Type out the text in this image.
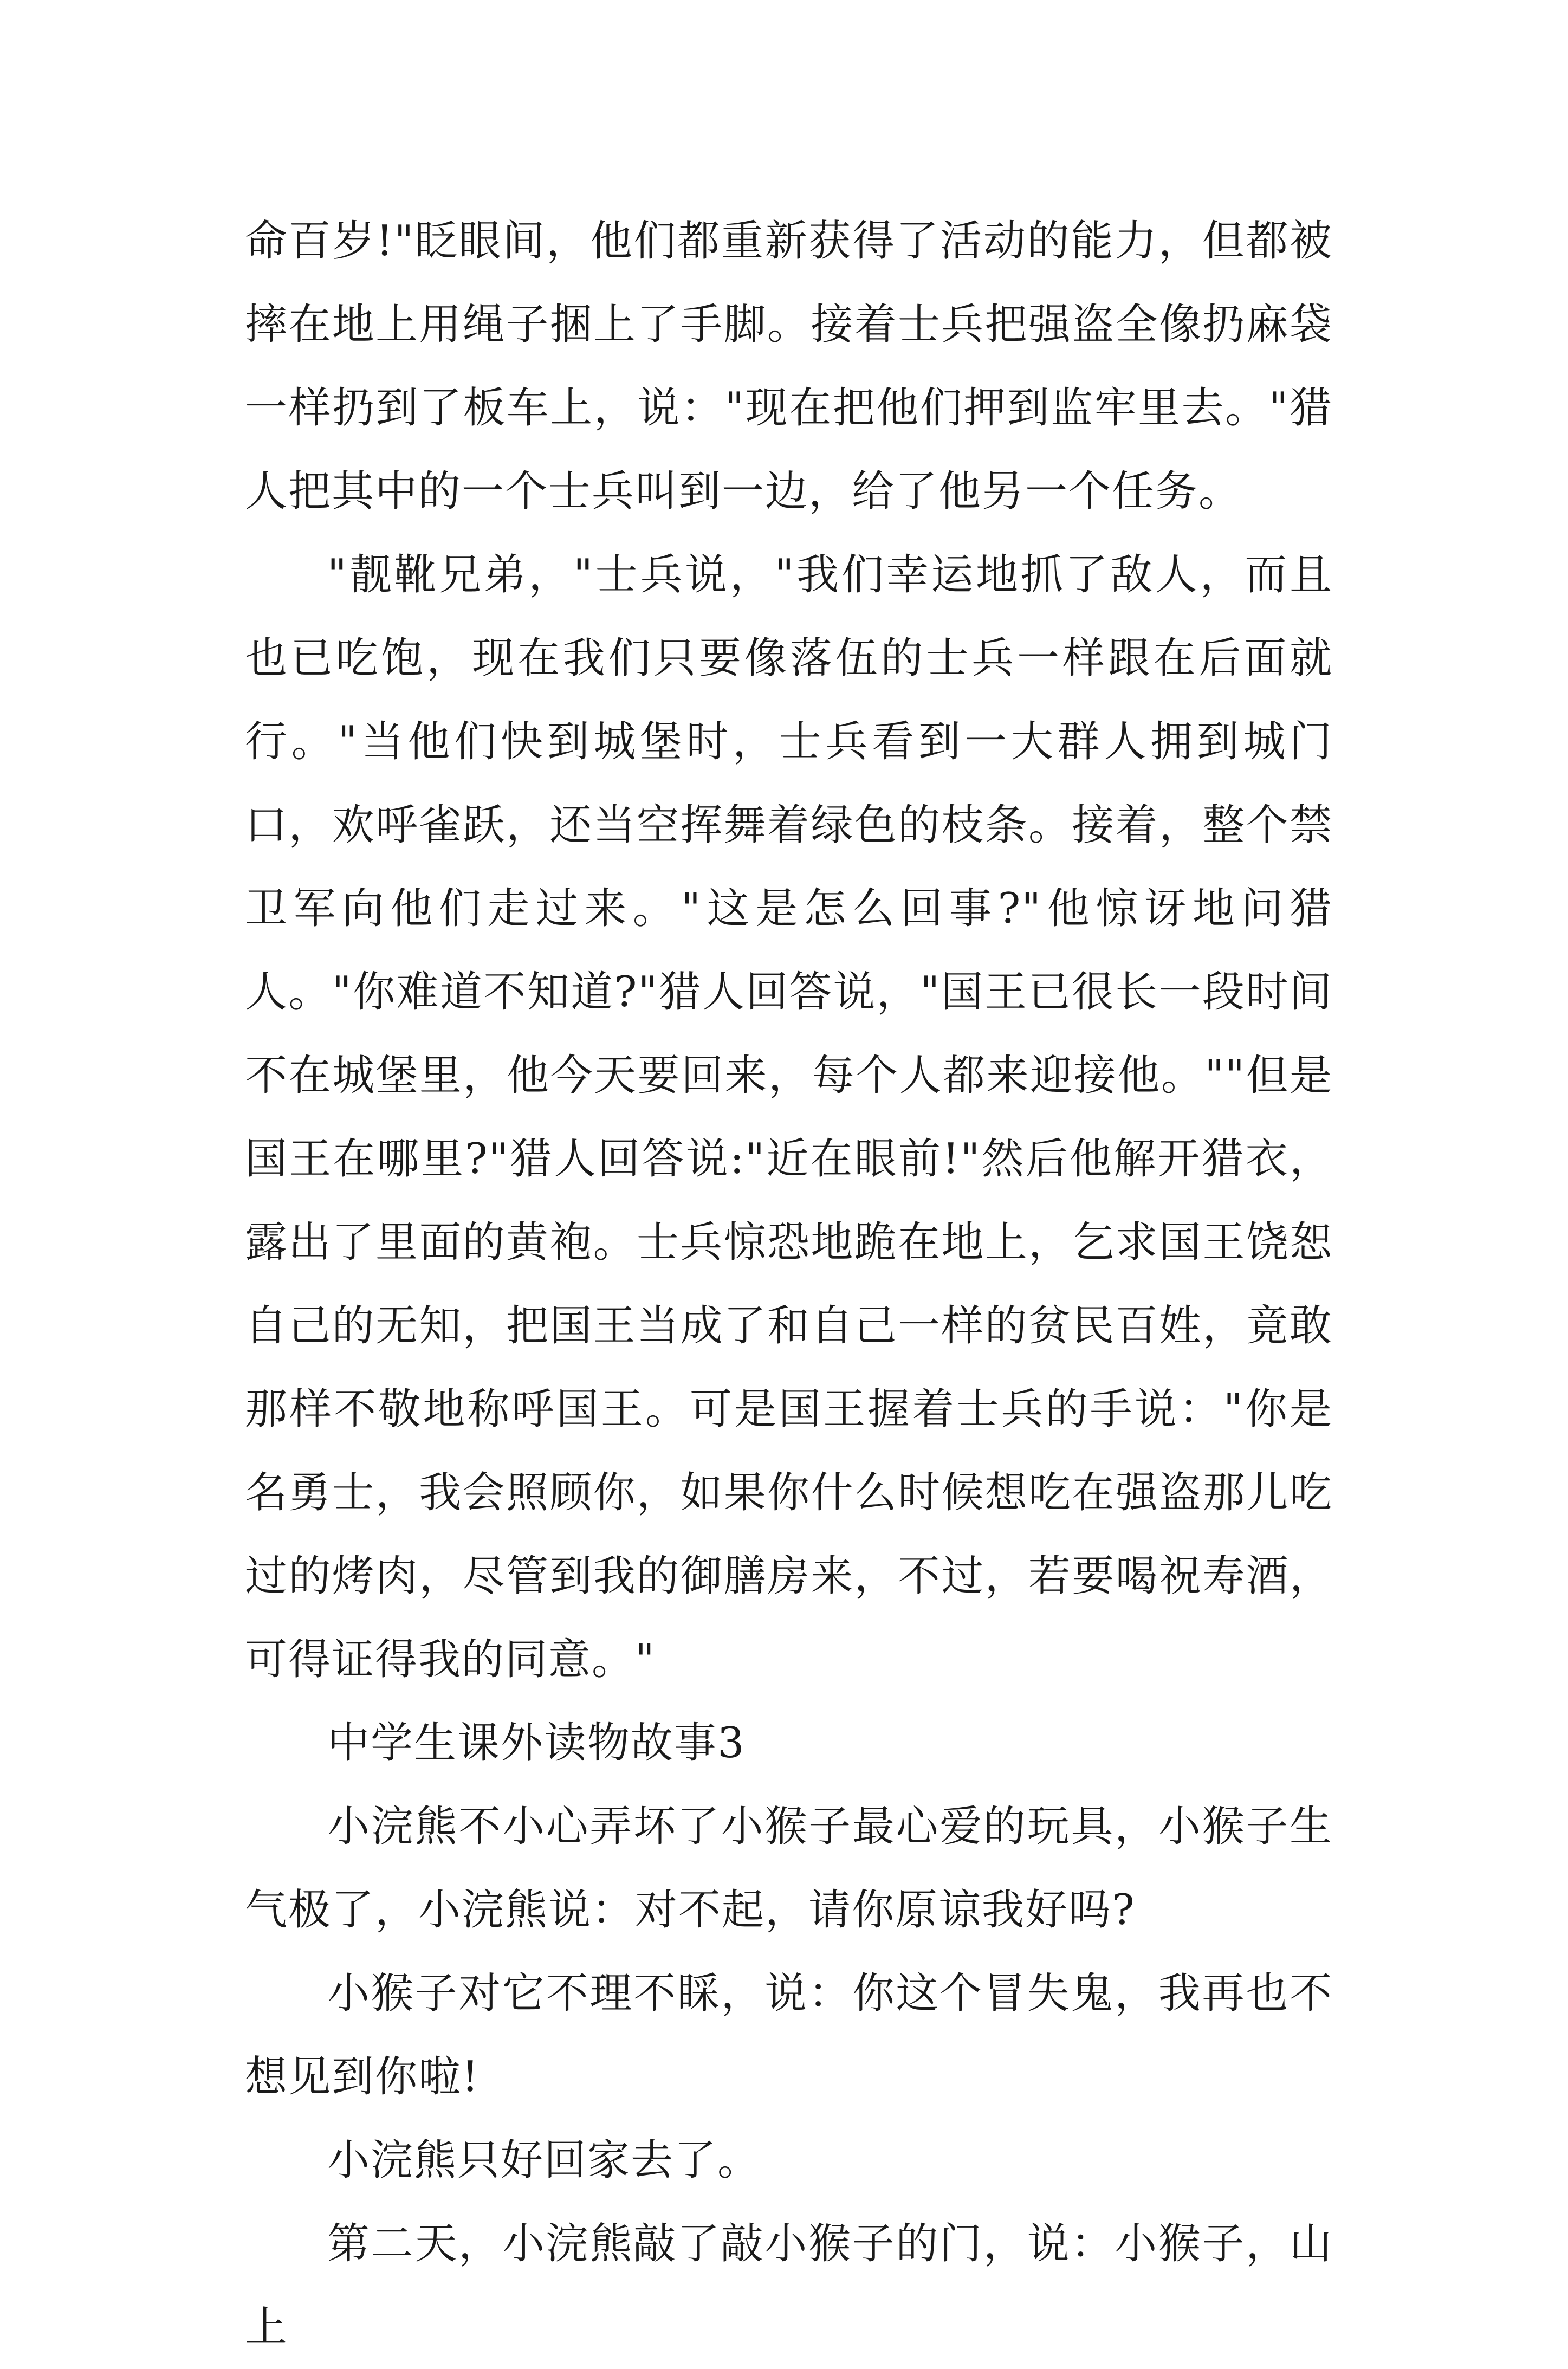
命百岁!"眨眼间，他们都重新获得了活动的能力，但都被摔在地上用绳子捆上了手脚。接着士兵把强盗全像扔麻袋一样扔到了板车上，说："现在把他们押到监牢里去。"猎人把其中的一个士兵叫到一边，给了他另一个任务。

"靓靴兄弟，"士兵说，"我们幸运地抓了敌人，而且也已吃饱，现在我们只要像落伍的士兵一样跟在后面就行。"当他们快到城堡时，士兵看到一大群人拥到城门口，欢呼雀跃，还当空挥舞着绿色的枝条。接着，整个禁卫军向他们走过来。"这是怎么回事?"他惊讶地问猎人。"你难道不知道?"猎人回答说，"国王已很长一段时间不在城堡里，他今天要回来，每个人都来迎接他。""但是国王在哪里?"猎人回答说:"近在眼前!"然后他解开猎衣，露出了里面的黄袍。士兵惊恐地跪在地上，乞求国王饶恕自己的无知，把国王当成了和自己一样的贫民百姓，竟敢那样不敬地称呼国王。可是国王握着士兵的手说："你是名勇士，我会照顾你，如果你什么时候想吃在强盗那儿吃过的烤肉，尽管到我的御膳房来，不过，若要喝祝寿酒，可得证得我的同意。"

中学生课外读物故事3

小浣熊不小心弄坏了小猴子最心爱的玩具，小猴子生气极了，小浣熊说：对不起，请你原谅我好吗?

小猴子对它不理不睬，说：你这个冒失鬼，我再也不想见到你啦!

小浣熊只好回家去了。

第二天，小浣熊敲了敲小猴子的门，说：小猴子，山上
